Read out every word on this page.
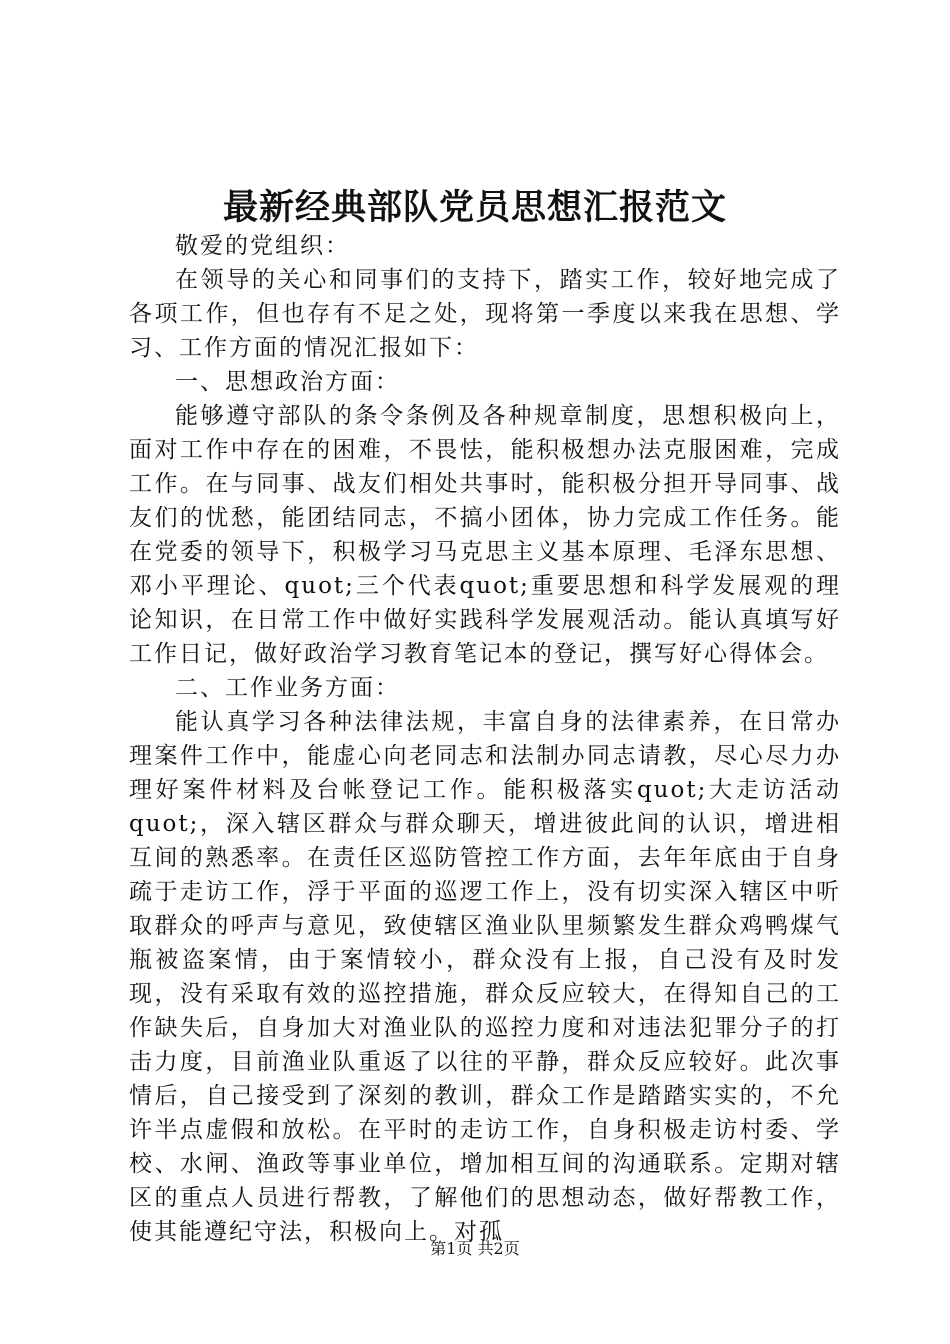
最新经典部队党员思想汇报范文

敬爱的党组织：

在领导的关心和同事们的支持下，踏实工作，较好地完成了各项工作，但也存有不足之处，现将第一季度以来我在思想、学习、工作方面的情况汇报如下：

一、思想政治方面：

能够遵守部队的条令条例及各种规章制度，思想积极向上，面对工作中存在的困难，不畏怯，能积极想办法克服困难，完成工作。在与同事、战友们相处共事时，能积极分担开导同事、战友们的忧愁，能团结同志，不搞小团体，协力完成工作任务。能在党委的领导下，积极学习马克思主义基本原理、毛泽东思想、邓小平理论、quot;三个代表quot;重要思想和科学发展观的理论知识，在日常工作中做好实践科学发展观活动。能认真填写好工作日记，做好政治学习教育笔记本的登记，撰写好心得体会。

二、工作业务方面：

能认真学习各种法律法规，丰富自身的法律素养，在日常办理案件工作中，能虚心向老同志和法制办同志请教，尽心尽力办理好案件材料及台帐登记工作。能积极落实quot;大走访活动quot;，深入辖区群众与群众聊天，增进彼此间的认识，增进相互间的熟悉率。在责任区巡防管控工作方面，去年年底由于自身疏于走访工作，浮于平面的巡逻工作上，没有切实深入辖区中听取群众的呼声与意见，致使辖区渔业队里频繁发生群众鸡鸭煤气瓶被盗案情，由于案情较小，群众没有上报，自己没有及时发现，没有采取有效的巡控措施，群众反应较大，在得知自己的工作缺失后，自身加大对渔业队的巡控力度和对违法犯罪分子的打击力度，目前渔业队重返了以往的平静，群众反应较好。此次事情后，自己接受到了深刻的教训，群众工作是踏踏实实的，不允许半点虚假和放松。在平时的走访工作，自身积极走访村委、学校、水闸、渔政等事业单位，增加相互间的沟通联系。定期对辖区的重点人员进行帮教，了解他们的思想动态，做好帮教工作，使其能遵纪守法，积极向上。对孤

第1页 共2页
